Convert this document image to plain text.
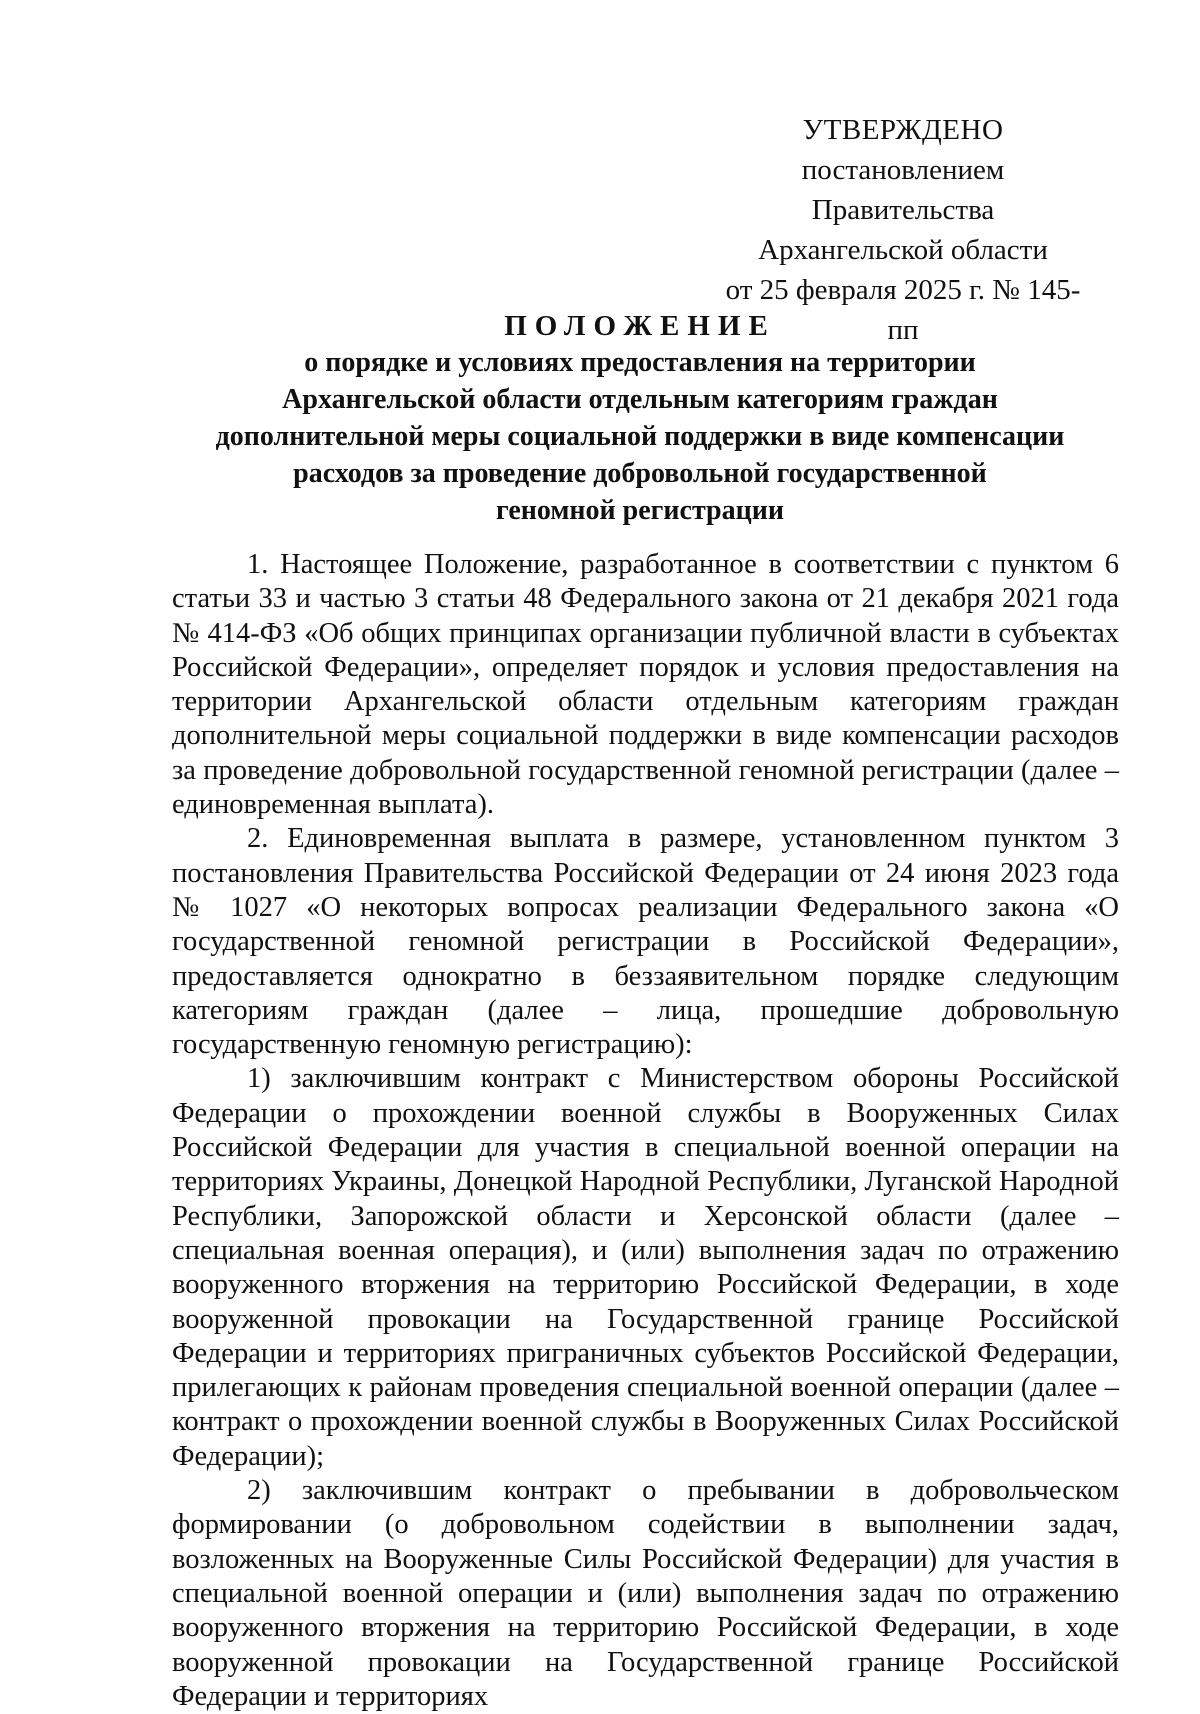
УТВЕРЖДЕНО
постановлением Правительства
Архангельской области
от 25 февраля 2025 г. № 145-пп
ПОЛОЖЕНИЕ
о порядке и условиях предоставления на территории
Архангельской области отдельным категориям граждан
дополнительной меры социальной поддержки в виде компенсации
расходов за проведение добровольной государственной
геномной регистрации

1. Настоящее Положение, разработанное в соответствии с пунктом 6 статьи 33 и частью 3 статьи 48 Федерального закона от 21 декабря 2021 года № 414-ФЗ «Об общих принципах организации публичной власти в субъектах Российской Федерации», определяет порядок и условия предоставления на территории Архангельской области отдельным категориям граждан дополнительной меры социальной поддержки в виде компенсации расходов за проведение добровольной государственной геномной регистрации (далее – единовременная выплата).

2. Единовременная выплата в размере, установленном пунктом 3 постановления Правительства Российской Федерации от 24 июня 2023 года № 1027 «О некоторых вопросах реализации Федерального закона «О государственной геномной регистрации в Российской Федерации», предоставляется однократно в беззаявительном порядке следующим категориям граждан (далее – лица, прошедшие добровольную государственную геномную регистрацию):

1) заключившим контракт с Министерством обороны Российской Федерации о прохождении военной службы в Вооруженных Силах Российской Федерации для участия в специальной военной операции на территориях Украины, Донецкой Народной Республики, Луганской Народной Республики, Запорожской области и Херсонской области (далее – специальная военная операция), и (или) выполнения задач по отражению вооруженного вторжения на территорию Российской Федерации, в ходе вооруженной провокации на Государственной границе Российской Федерации и территориях приграничных субъектов Российской Федерации, прилегающих к районам проведения специальной военной операции (далее – контракт о прохождении военной службы в Вооруженных Силах Российской Федерации);

2) заключившим контракт о пребывании в добровольческом формировании (о добровольном содействии в выполнении задач, возложенных на Вооруженные Силы Российской Федерации) для участия в специальной военной операции и (или) выполнения задач по отражению вооруженного вторжения на территорию Российской Федерации, в ходе вооруженной провокации на Государственной границе Российской Федерации и территориях
